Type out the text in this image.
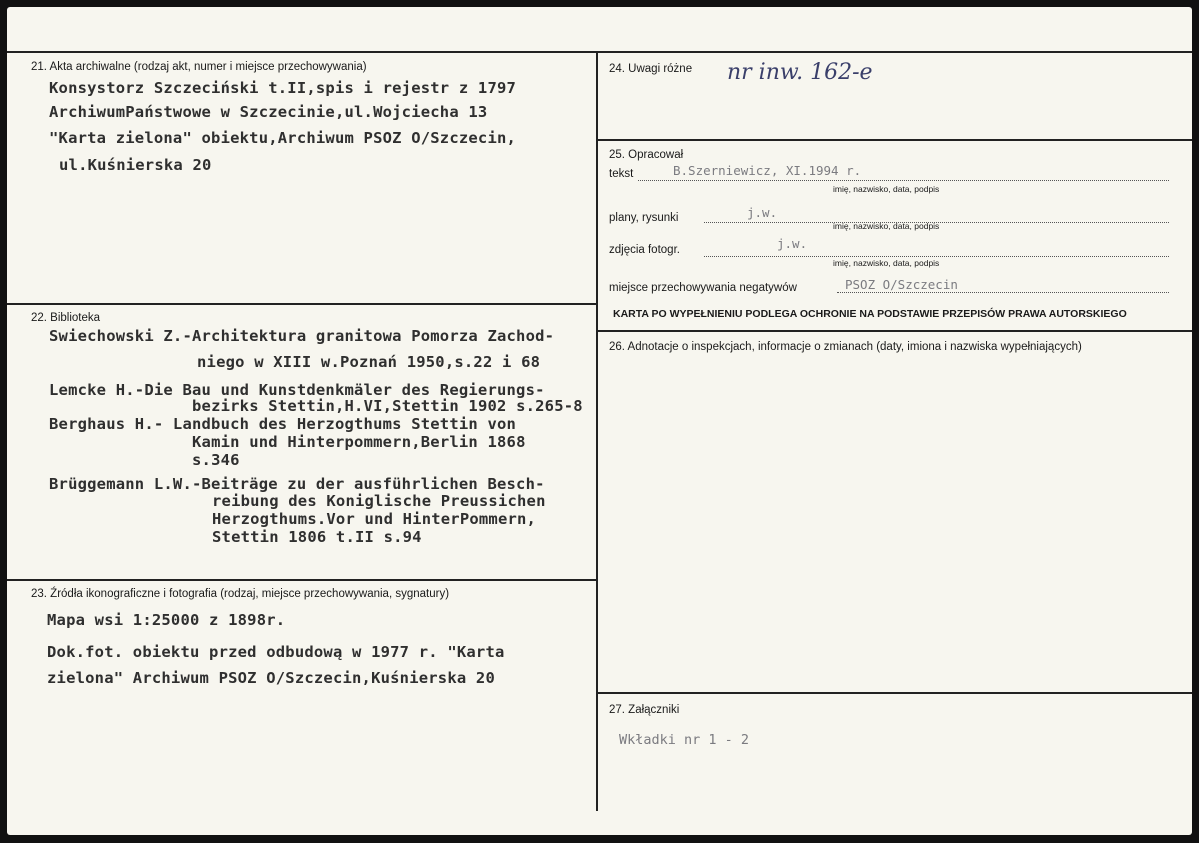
21. Akta archiwalne (rodzaj akt, numer i miejsce przechowywania)
Konsystorz Szczeciński t.II,spis i rejestr z 1797
ArchiwumPaństwowe w Szczecinie,ul.Wojciecha 13
"Karta zielona" obiektu,Archiwum PSOZ O/Szczecin,
ul.Kuśnierska 20
22. Biblioteka
Swiechowski Z.-Architektura granitowa Pomorza Zachod-
niego w XIII w.Poznań 1950,s.22 i 68
Lemcke H.-Die Bau und Kunstdenkmäler des Regierungs-
bezirks Stettin,H.VI,Stettin 1902 s.265-8
Berghaus H.- Landbuch des Herzogthums Stettin von
Kamin und Hinterpommern,Berlin 1868
s.346
Brüggemann L.W.-Beiträge zu der ausführlichen Besch-
reibung des Koniglische Preussichen
Herzogthums.Vor und HinterPommern,
Stettin 1806 t.II s.94
23. Źródła ikonograficzne i fotografia (rodzaj, miejsce przechowywania, sygnatury)
Mapa wsi 1:25000 z 1898r.
Dok.fot. obiektu przed odbudową w 1977 r. "Karta
zielona" Archiwum PSOZ O/Szczecin,Kuśnierska 20
24. Uwagi różne nr inw. 162-e
25. Opracował
tekst	B.Szerniewicz, XI.1994 r.
imię, nazwisko, data, podpis
plany, rysunki	j.w.
imię, nazwisko, data, podpis
zdjęcia fotogr.	j.w.
imię, nazwisko, data, podpis
miejsce przechowywania negatywów	PSOZ O/Szczecin
KARTA PO WYPEŁNIENIU PODLEGA OCHRONIE NA PODSTAWIE PRZEPISÓW PRAWA AUTORSKIEGO
26. Adnotacje o inspekcjach, informacje o zmianach (daty, imiona i nazwiska wypełniających)
27. Załączniki
Wkładki nr 1 - 2
